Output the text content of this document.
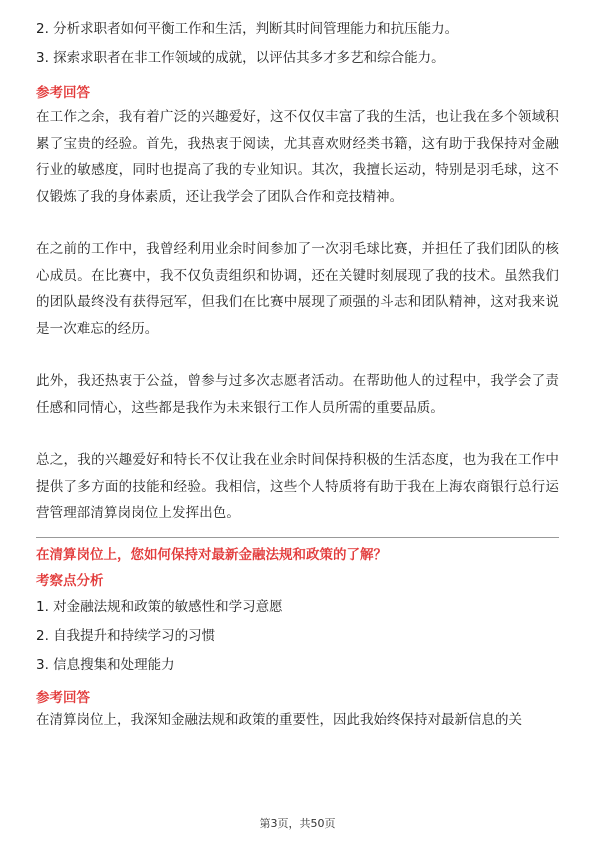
2. 分析求职者如何平衡工作和生活，判断其时间管理能力和抗压能力。
3. 探索求职者在非工作领域的成就，以评估其多才多艺和综合能力。
参考回答

在工作之余，我有着广泛的兴趣爱好，这不仅仅丰富了我的生活，也让我在多个领域积累了宝贵的经验。首先，我热衷于阅读，尤其喜欢财经类书籍，这有助于我保持对金融行业的敏感度，同时也提高了我的专业知识。其次，我擅长运动，特别是羽毛球，这不仅锻炼了我的身体素质，还让我学会了团队合作和竞技精神。

在之前的工作中，我曾经利用业余时间参加了一次羽毛球比赛，并担任了我们团队的核心成员。在比赛中，我不仅负责组织和协调，还在关键时刻展现了我的技术。虽然我们的团队最终没有获得冠军，但我们在比赛中展现了顽强的斗志和团队精神，这对我来说是一次难忘的经历。

此外，我还热衷于公益，曾参与过多次志愿者活动。在帮助他人的过程中，我学会了责任感和同情心，这些都是我作为未来银行工作人员所需的重要品质。

总之，我的兴趣爱好和特长不仅让我在业余时间保持积极的生活态度，也为我在工作中提供了多方面的技能和经验。我相信，这些个人特质将有助于我在上海农商银行总行运营管理部清算岗岗位上发挥出色。

在清算岗位上，您如何保持对最新金融法规和政策的了解？
考察点分析
1. 对金融法规和政策的敏感性和学习意愿
2. 自我提升和持续学习的习惯
3. 信息搜集和处理能力
参考回答
在清算岗位上，我深知金融法规和政策的重要性，因此我始终保持对最新信息的关
第3页，共50页
